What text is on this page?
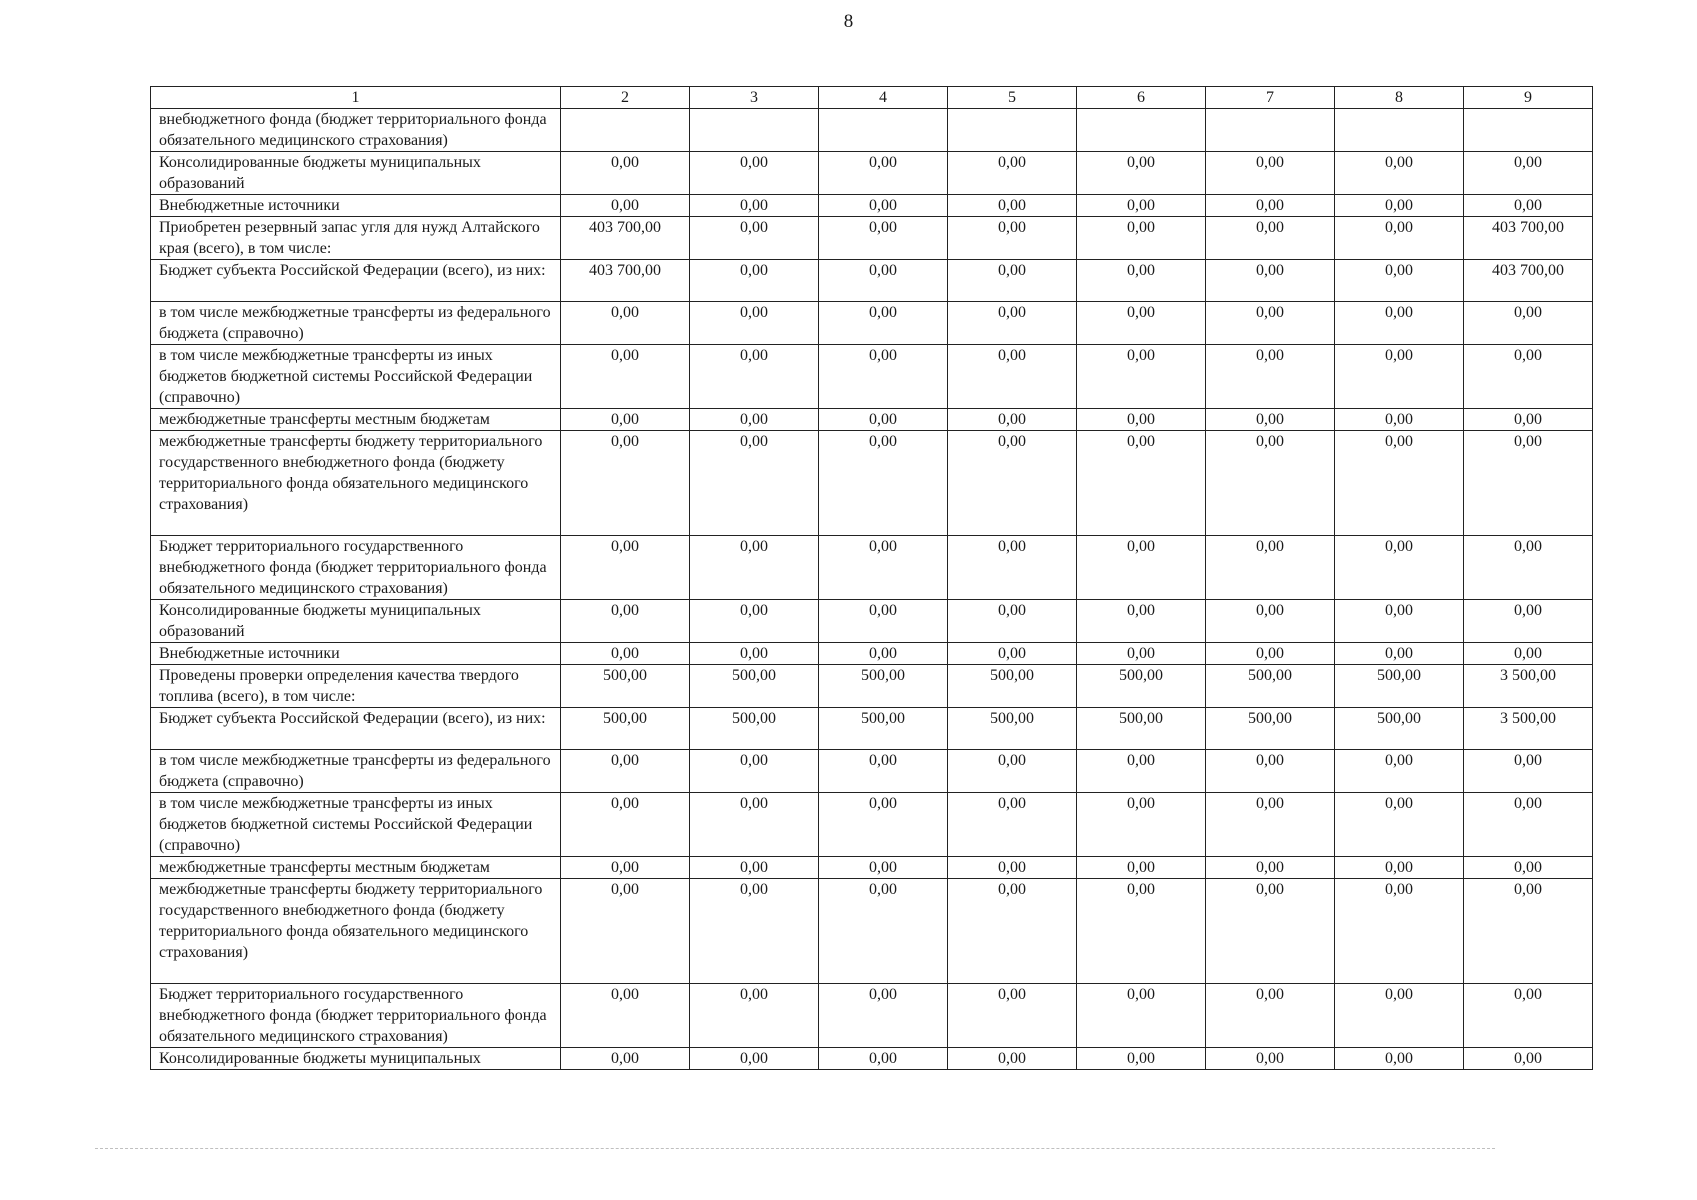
8
1	2	3	4	5	6	7	8	9
внебюджетного фонда (бюджет территориального фонда обязательного медицинского страхования)								
Консолидированные бюджеты муниципальных образований	0,00	0,00	0,00	0,00	0,00	0,00	0,00	0,00
Внебюджетные источники	0,00	0,00	0,00	0,00	0,00	0,00	0,00	0,00
Приобретен резервный запас угля для нужд Алтайского края (всего), в том числе:	403 700,00	0,00	0,00	0,00	0,00	0,00	0,00	403 700,00
Бюджет субъекта Российской Федерации (всего), из них:	403 700,00	0,00	0,00	0,00	0,00	0,00	0,00	403 700,00
в том числе межбюджетные трансферты из федерального бюджета (справочно)	0,00	0,00	0,00	0,00	0,00	0,00	0,00	0,00
в том числе межбюджетные трансферты из иных бюджетов бюджетной системы Российской Федерации (справочно)	0,00	0,00	0,00	0,00	0,00	0,00	0,00	0,00
межбюджетные трансферты местным бюджетам	0,00	0,00	0,00	0,00	0,00	0,00	0,00	0,00
межбюджетные трансферты бюджету территориального государственного внебюджетного фонда (бюджету территориального фонда обязательного медицинского страхования)	0,00	0,00	0,00	0,00	0,00	0,00	0,00	0,00
Бюджет территориального государственного внебюджетного фонда (бюджет территориального фонда обязательного медицинского страхования)	0,00	0,00	0,00	0,00	0,00	0,00	0,00	0,00
Консолидированные бюджеты муниципальных образований	0,00	0,00	0,00	0,00	0,00	0,00	0,00	0,00
Внебюджетные источники	0,00	0,00	0,00	0,00	0,00	0,00	0,00	0,00
Проведены проверки определения качества твердого топлива (всего), в том числе:	500,00	500,00	500,00	500,00	500,00	500,00	500,00	3 500,00
Бюджет субъекта Российской Федерации (всего), из них:	500,00	500,00	500,00	500,00	500,00	500,00	500,00	3 500,00
в том числе межбюджетные трансферты из федерального бюджета (справочно)	0,00	0,00	0,00	0,00	0,00	0,00	0,00	0,00
в том числе межбюджетные трансферты из иных бюджетов бюджетной системы Российской Федерации (справочно)	0,00	0,00	0,00	0,00	0,00	0,00	0,00	0,00
межбюджетные трансферты местным бюджетам	0,00	0,00	0,00	0,00	0,00	0,00	0,00	0,00
межбюджетные трансферты бюджету территориального государственного внебюджетного фонда (бюджету территориального фонда обязательного медицинского страхования)	0,00	0,00	0,00	0,00	0,00	0,00	0,00	0,00
Бюджет территориального государственного внебюджетного фонда (бюджет территориального фонда обязательного медицинского страхования)	0,00	0,00	0,00	0,00	0,00	0,00	0,00	0,00
Консолидированные бюджеты муниципальных	0,00	0,00	0,00	0,00	0,00	0,00	0,00	0,00
